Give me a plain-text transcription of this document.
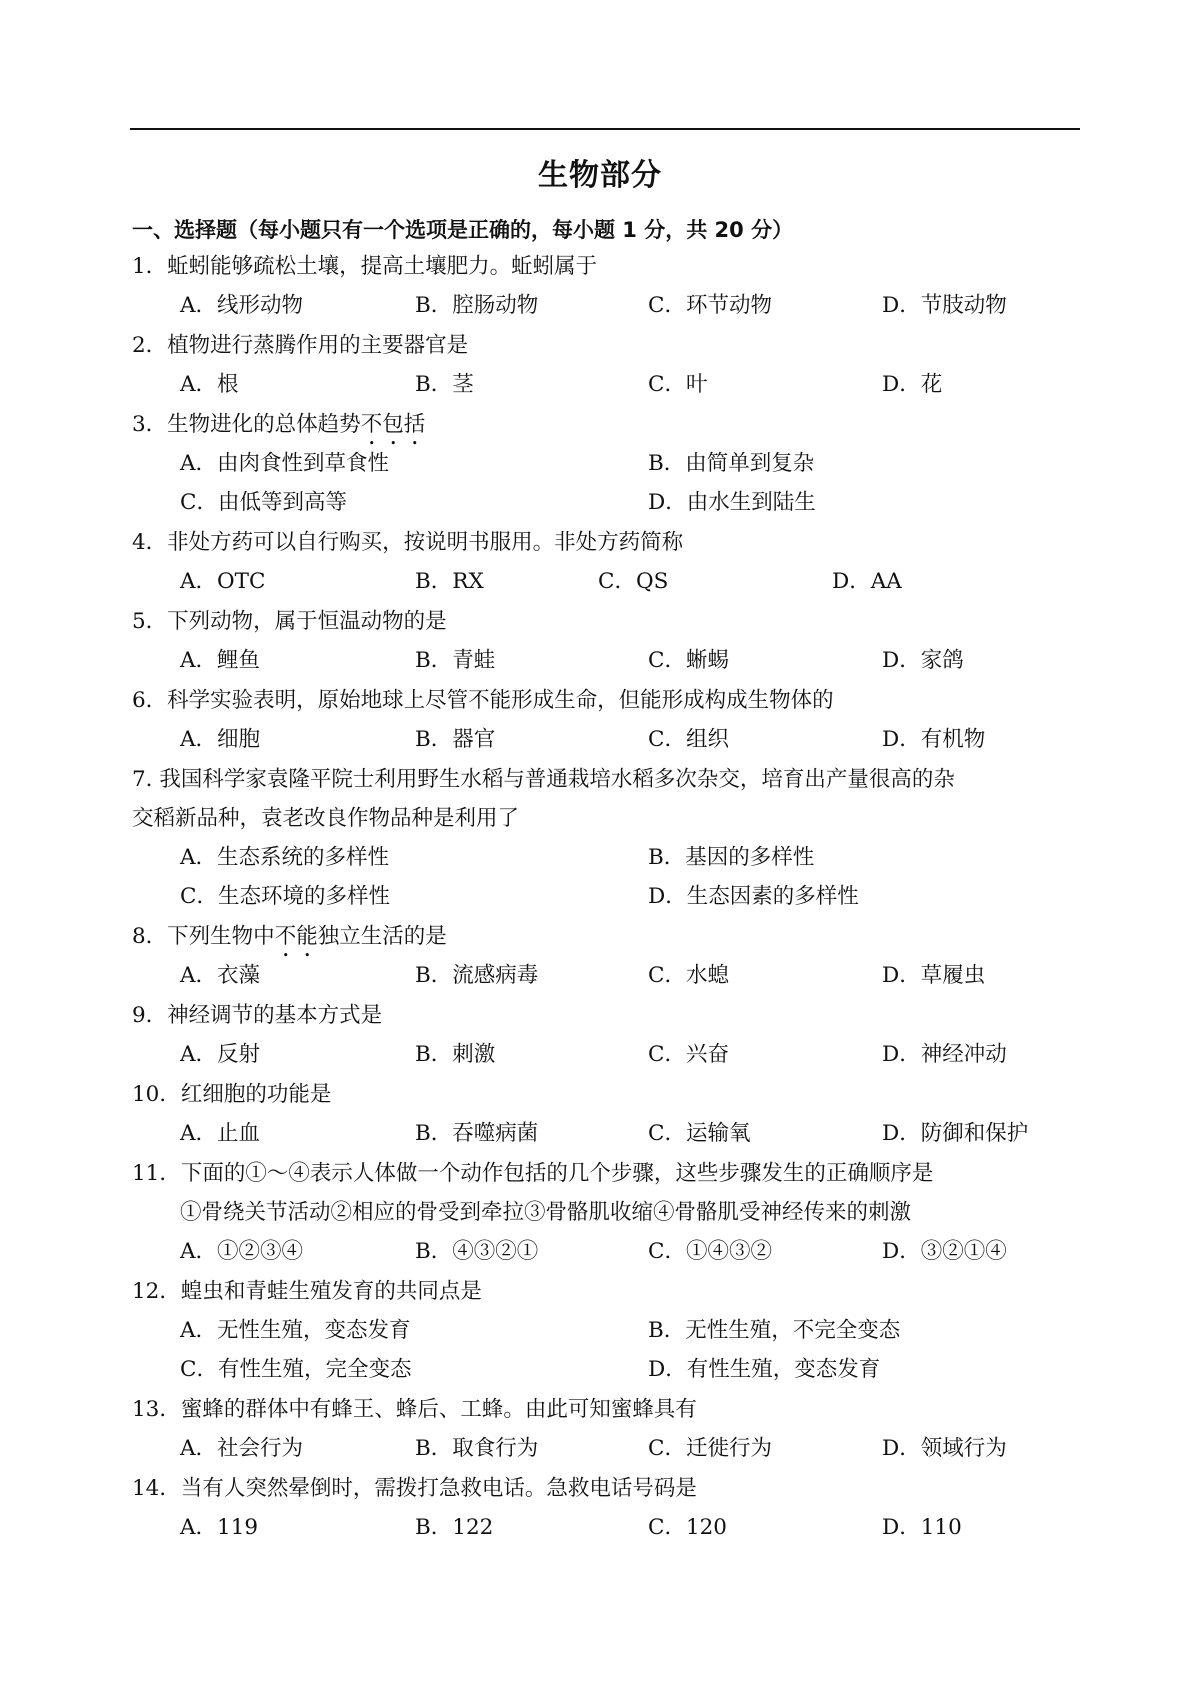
生物部分
一、选择题（每小题只有一个选项是正确的，每小题 1 分，共 20 分）
1．蚯蚓能够疏松土壤，提高土壤肥力。蚯蚓属于
A．线形动物	B．腔肠动物	C．环节动物	D．节肢动物
2．植物进行蒸腾作用的主要器官是
A．根	B．茎	C．叶	D．花
3．生物进化的总体趋势不包括
A．由肉食性到草食性	B．由简单到复杂
C．由低等到高等	D．由水生到陆生
4．非处方药可以自行购买，按说明书服用。非处方药简称
A．OTC	B．RX	C．QS	D．AA
5．下列动物，属于恒温动物的是
A．鲤鱼	B．青蛙	C．蜥蜴	D．家鸽
6．科学实验表明，原始地球上尽管不能形成生命，但能形成构成生物体的
A．细胞	B．器官	C．组织	D．有机物
7. 我国科学家袁隆平院士利用野生水稻与普通栽培水稻多次杂交，培育出产量很高的杂
交稻新品种，袁老改良作物品种是利用了
A．生态系统的多样性	B．基因的多样性
C．生态环境的多样性	D．生态因素的多样性
8．下列生物中不能独立生活的是
A．衣藻	B．流感病毒	C．水螅	D．草履虫
9．神经调节的基本方式是
A．反射	B．刺激	C．兴奋	D．神经冲动
10．红细胞的功能是
A．止血	B．吞噬病菌	C．运输氧	D．防御和保护
11．下面的①～④表示人体做一个动作包括的几个步骤，这些步骤发生的正确顺序是
①骨绕关节活动②相应的骨受到牵拉③骨骼肌收缩④骨骼肌受神经传来的刺激
A．①②③④	B．④③②①	C．①④③②	D．③②①④
12．蝗虫和青蛙生殖发育的共同点是
A．无性生殖，变态发育	B．无性生殖，不完全变态
C．有性生殖，完全变态	D．有性生殖，变态发育
13．蜜蜂的群体中有蜂王、蜂后、工蜂。由此可知蜜蜂具有
A．社会行为	B．取食行为	C．迁徙行为	D．领域行为
14．当有人突然晕倒时，需拨打急救电话。急救电话号码是
A．119	B．122	C．120	D．110
